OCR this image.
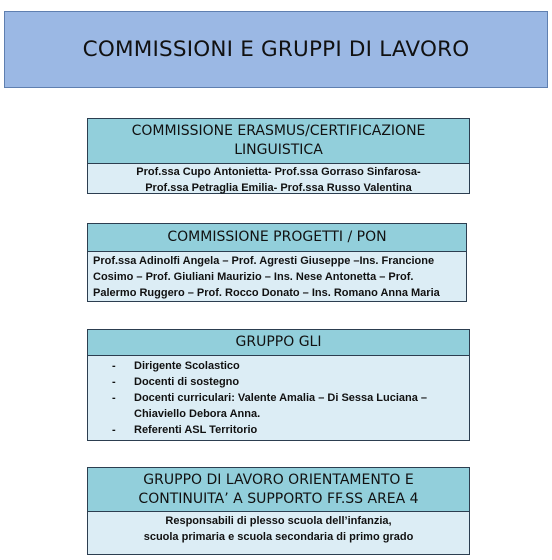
COMMISSIONI E GRUPPI DI LAVORO
COMMISSIONE ERASMUS/CERTIFICAZIONE
LINGUISTICA
Prof.ssa Cupo Antonietta- Prof.ssa Gorraso Sinfarosa-
Prof.ssa Petraglia Emilia- Prof.ssa Russo Valentina
COMMISSIONE PROGETTI / PON
Prof.ssa Adinolfi Angela – Prof. Agresti Giuseppe –Ins. Francione
Cosimo – Prof. Giuliani Maurizio – Ins. Nese Antonetta – Prof.
Palermo Ruggero – Prof. Rocco Donato – Ins. Romano Anna Maria
GRUPPO GLI
- Dirigente Scolastico
- Docenti di sostegno
- Docenti curriculari: Valente Amalia – Di Sessa Luciana –
Chiaviello Debora Anna.
- Referenti ASL Territorio
GRUPPO DI LAVORO ORIENTAMENTO E
CONTINUITA’ A SUPPORTO FF.SS AREA 4
Responsabili di plesso scuola dell’infanzia,
scuola primaria e scuola secondaria di primo grado
